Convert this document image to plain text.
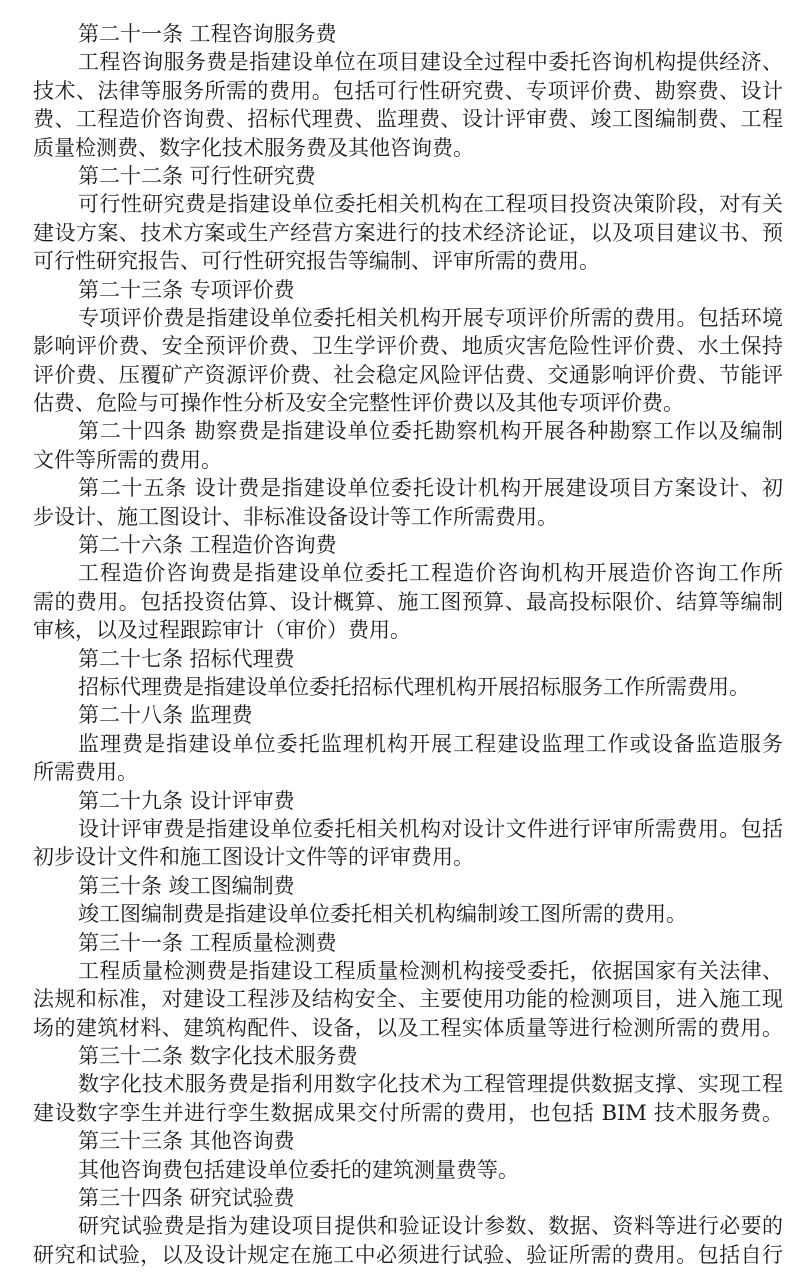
第二十一条 工程咨询服务费
工程咨询服务费是指建设单位在项目建设全过程中委托咨询机构提供经济、
技术、法律等服务所需的费用。包括可行性研究费、专项评价费、勘察费、设计
费、工程造价咨询费、招标代理费、监理费、设计评审费、竣工图编制费、工程
质量检测费、数字化技术服务费及其他咨询费。
第二十二条 可行性研究费
可行性研究费是指建设单位委托相关机构在工程项目投资决策阶段，对有关
建设方案、技术方案或生产经营方案进行的技术经济论证，以及项目建议书、预
可行性研究报告、可行性研究报告等编制、评审所需的费用。
第二十三条 专项评价费
专项评价费是指建设单位委托相关机构开展专项评价所需的费用。包括环境
影响评价费、安全预评价费、卫生学评价费、地质灾害危险性评价费、水土保持
评价费、压覆矿产资源评价费、社会稳定风险评估费、交通影响评价费、节能评
估费、危险与可操作性分析及安全完整性评价费以及其他专项评价费。
第二十四条 勘察费是指建设单位委托勘察机构开展各种勘察工作以及编制
文件等所需的费用。
第二十五条 设计费是指建设单位委托设计机构开展建设项目方案设计、初
步设计、施工图设计、非标准设备设计等工作所需费用。
第二十六条 工程造价咨询费
工程造价咨询费是指建设单位委托工程造价咨询机构开展造价咨询工作所
需的费用。包括投资估算、设计概算、施工图预算、最高投标限价、结算等编制
审核，以及过程跟踪审计（审价）费用。
第二十七条 招标代理费
招标代理费是指建设单位委托招标代理机构开展招标服务工作所需费用。
第二十八条 监理费
监理费是指建设单位委托监理机构开展工程建设监理工作或设备监造服务
所需费用。
第二十九条 设计评审费
设计评审费是指建设单位委托相关机构对设计文件进行评审所需费用。包括
初步设计文件和施工图设计文件等的评审费用。
第三十条 竣工图编制费
竣工图编制费是指建设单位委托相关机构编制竣工图所需的费用。
第三十一条 工程质量检测费
工程质量检测费是指建设工程质量检测机构接受委托，依据国家有关法律、
法规和标准，对建设工程涉及结构安全、主要使用功能的检测项目，进入施工现
场的建筑材料、建筑构配件、设备，以及工程实体质量等进行检测所需的费用。
第三十二条 数字化技术服务费
数字化技术服务费是指利用数字化技术为工程管理提供数据支撑、实现工程
建设数字孪生并进行孪生数据成果交付所需的费用，也包括 BIM 技术服务费。
第三十三条 其他咨询费
其他咨询费包括建设单位委托的建筑测量费等。
第三十四条 研究试验费
研究试验费是指为建设项目提供和验证设计参数、数据、资料等进行必要的
研究和试验，以及设计规定在施工中必须进行试验、验证所需的费用。包括自行
